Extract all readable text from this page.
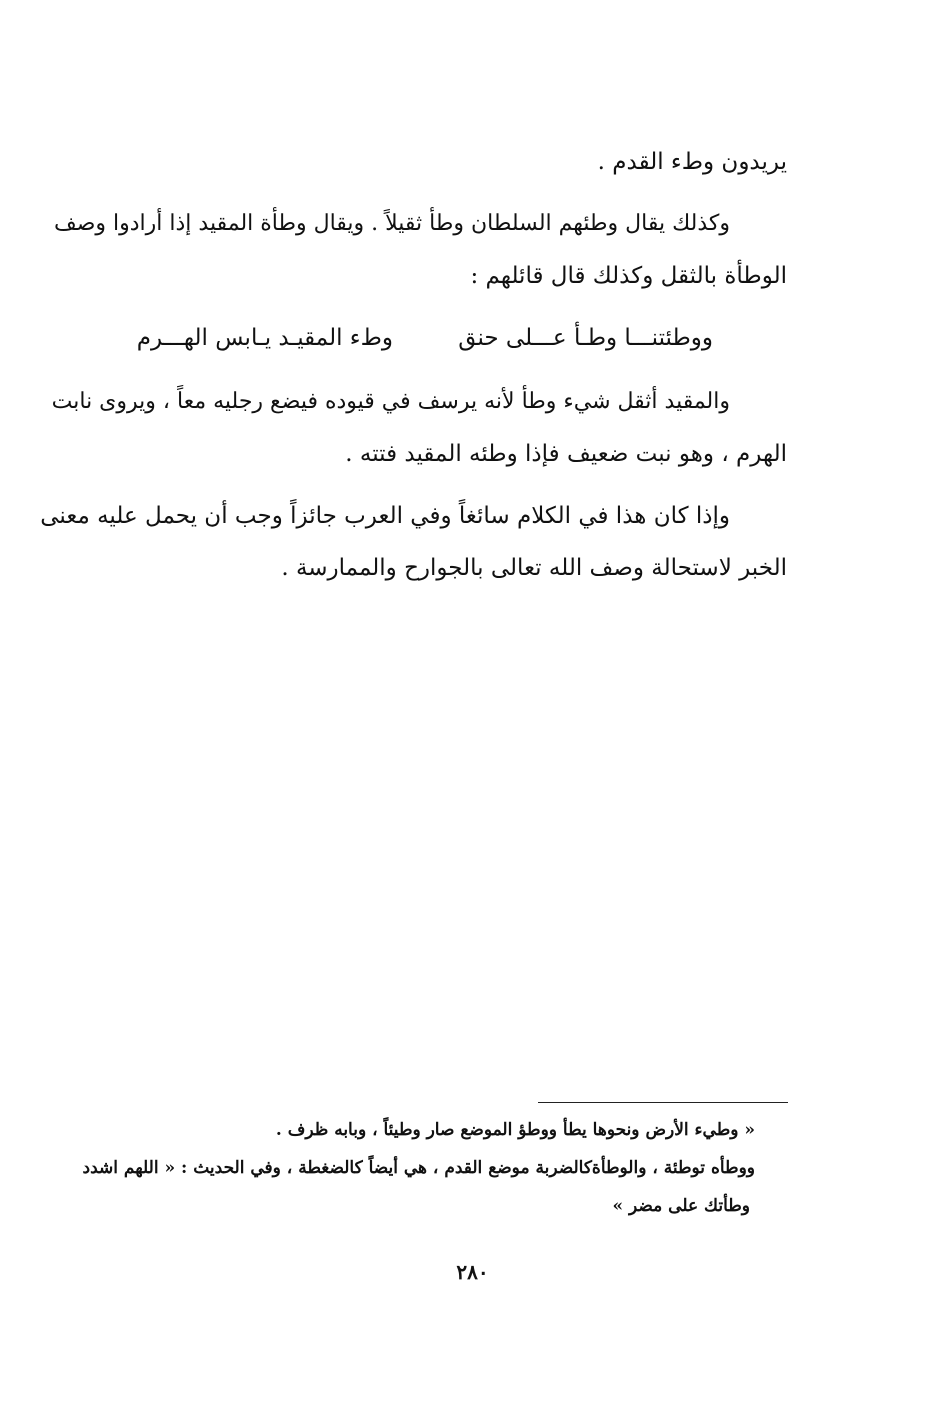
يريدون وطء القدم .
وكذلك يقال وطئهم السلطان وطأ ثقيلاً . ويقال وطأة المقيد إذا أرادوا وصف
الوطأة بالثقل وكذلك قال قائلهم :
ووطئتنـــا وطـأ عـــلى حنق
وطء المقيـد يـابس الهـــرم
والمقيد أثقل شيء وطأ لأنه يرسف في قيوده فيضع رجليه معاً ، ويروى نابت
الهرم ، وهو نبت ضعيف فإذا وطئه المقيد فتته .
وإذا كان هذا في الكلام سائغاً وفي العرب جائزاً وجب أن يحمل عليه معنى
الخبر لاستحالة وصف الله تعالى بالجوارح والممارسة .
« وطيء الأرض ونحوها يطأ ووطؤ الموضع صار وطيئاً ، وبابه ظرف .
ووطأه توطئة ، والوطأةكالضربة موضع القدم ، هي أيضاً كالضغطة ، وفي الحديث : « اللهم اشدد
وطأتك على مضر »
٢٨٠
